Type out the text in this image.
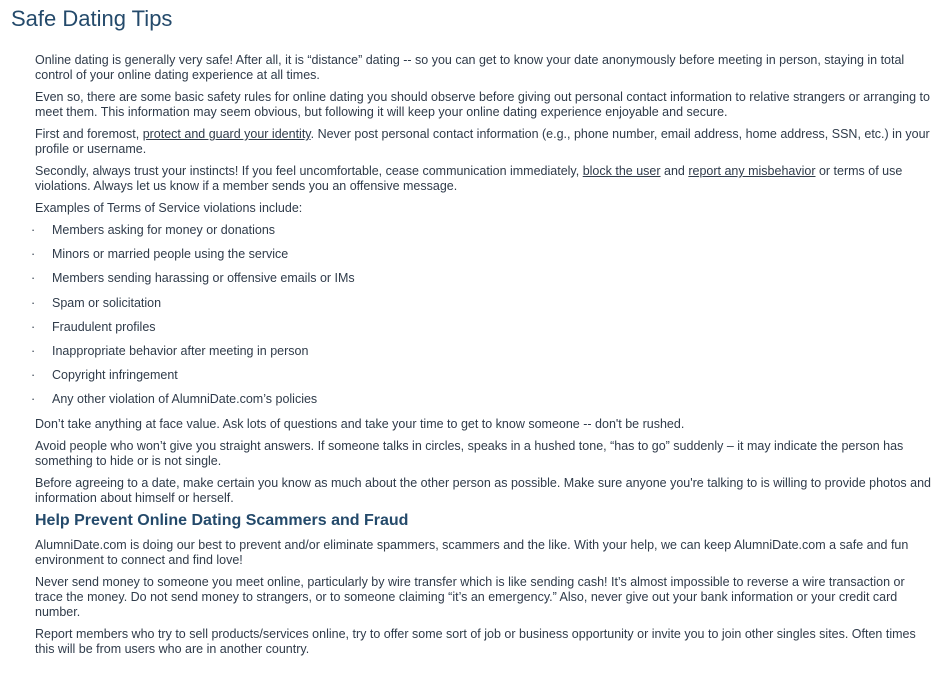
Safe Dating Tips

Online dating is generally very safe! After all, it is “distance” dating -- so you can get to know your date anonymously before meeting in person, staying in total control of your online dating experience at all times.

Even so, there are some basic safety rules for online dating you should observe before giving out personal contact information to relative strangers or arranging to meet them. This information may seem obvious, but following it will keep your online dating experience enjoyable and secure.

First and foremost, protect and guard your identity. Never post personal contact information (e.g., phone number, email address, home address, SSN, etc.) in your profile or username.

Secondly, always trust your instincts! If you feel uncomfortable, cease communication immediately, block the user and report any misbehavior or terms of use violations. Always let us know if a member sends you an offensive message.

Examples of Terms of Service violations include:

· Members asking for money or donations
· Minors or married people using the service
· Members sending harassing or offensive emails or IMs
· Spam or solicitation
· Fraudulent profiles
· Inappropriate behavior after meeting in person
· Copyright infringement
· Any other violation of AlumniDate.com’s policies

Don’t take anything at face value. Ask lots of questions and take your time to get to know someone -- don't be rushed.

Avoid people who won’t give you straight answers. If someone talks in circles, speaks in a hushed tone, “has to go” suddenly – it may indicate the person has something to hide or is not single.

Before agreeing to a date, make certain you know as much about the other person as possible. Make sure anyone you're talking to is willing to provide photos and information about himself or herself.

Help Prevent Online Dating Scammers and Fraud

AlumniDate.com is doing our best to prevent and/or eliminate spammers, scammers and the like. With your help, we can keep AlumniDate.com a safe and fun environment to connect and find love!

Never send money to someone you meet online, particularly by wire transfer which is like sending cash! It’s almost impossible to reverse a wire transaction or trace the money. Do not send money to strangers, or to someone claiming “it’s an emergency.” Also, never give out your bank information or your credit card number.

Report members who try to sell products/services online, try to offer some sort of job or business opportunity or invite you to join other singles sites. Often times this will be from users who are in another country.
